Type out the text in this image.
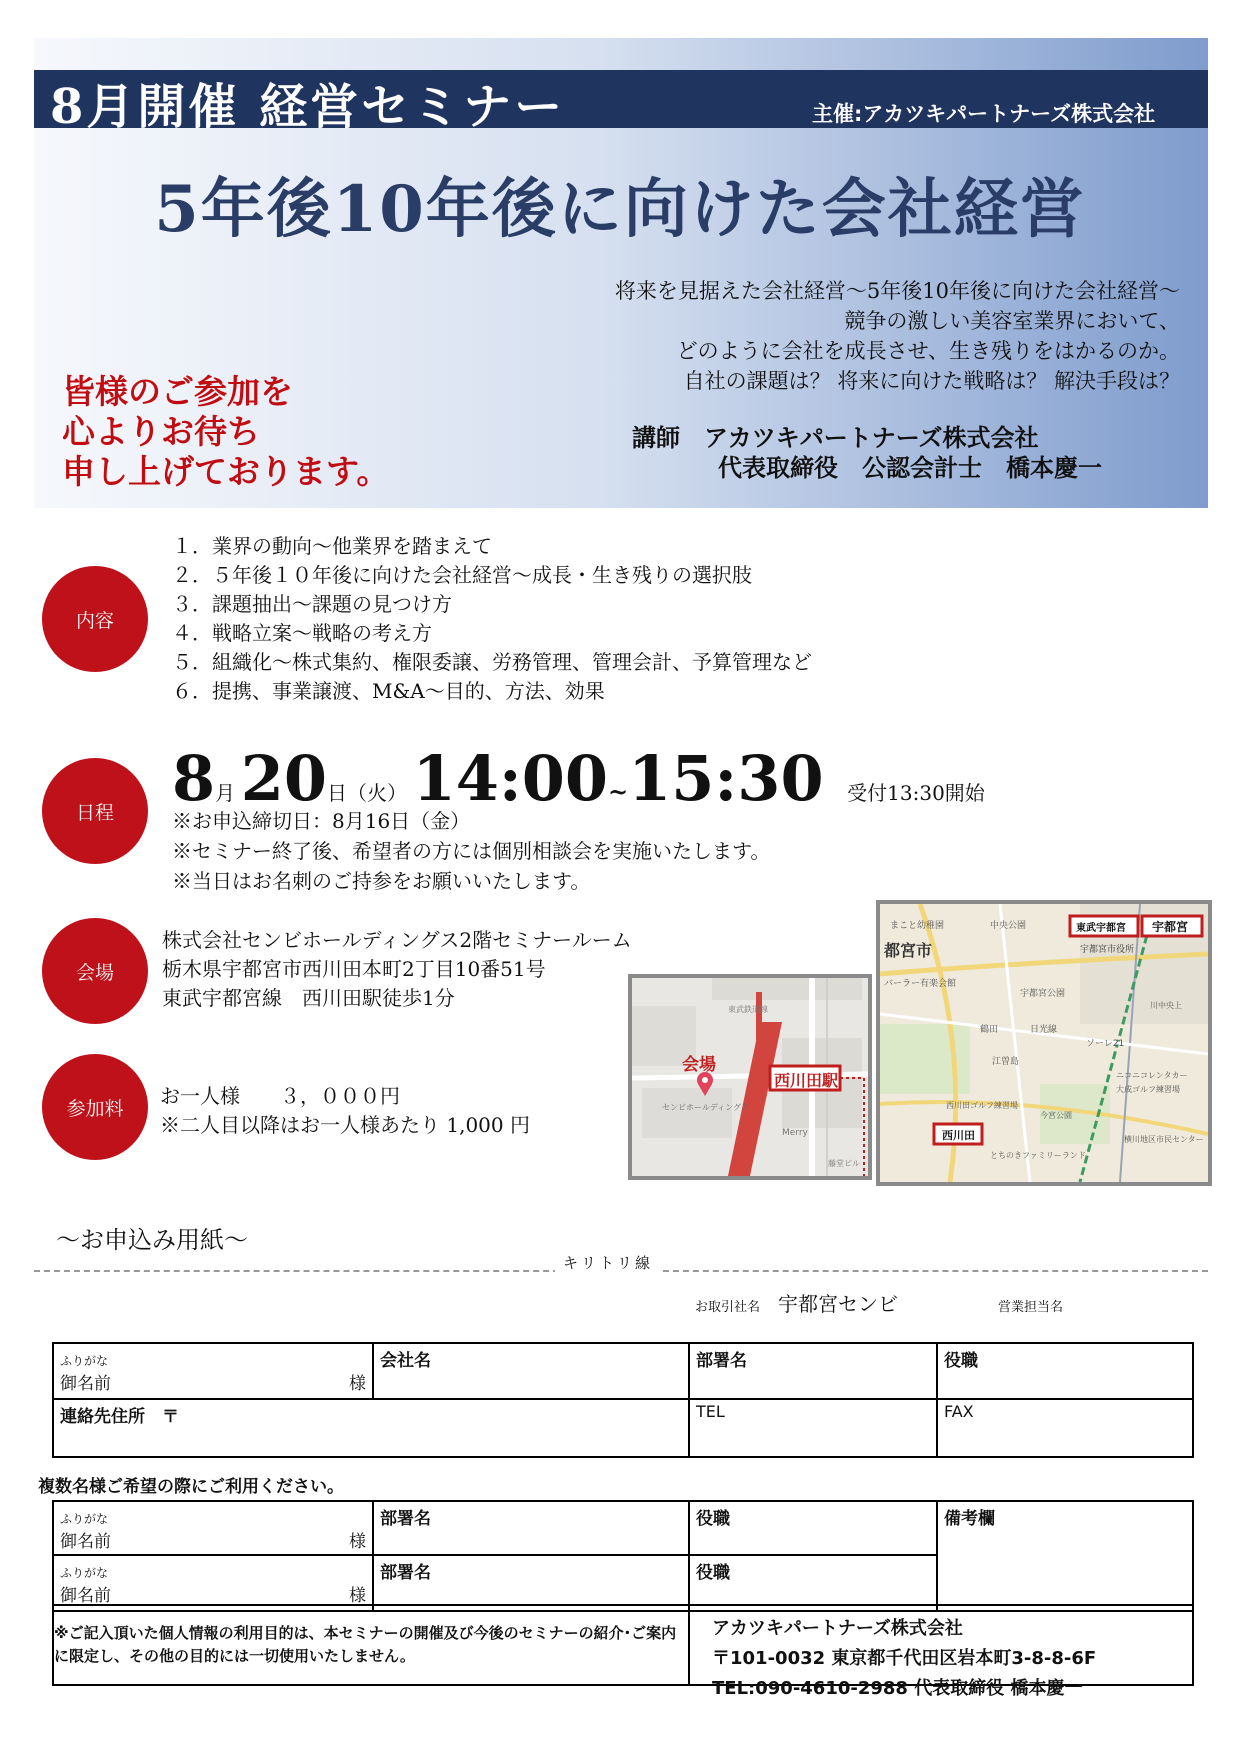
8月開催 経営セミナー	主催:アカツキパートナーズ株式会社
5年後10年後に向けた会社経営
将来を見据えた会社経営～5年後10年後に向けた会社経営～
競争の激しい美容室業界において、
どのように会社を成長させ、生き残りをはかるのか。
自社の課題は？ 将来に向けた戦略は？ 解決手段は？
皆様のご参加を
心よりお待ち
申し上げております。
講師　アカツキパートナーズ株式会社
代表取締役　公認会計士　橋本慶一
内容
日程
会場
参加料
１．業界の動向～他業界を踏まえて
２．５年後１０年後に向けた会社経営～成長・生き残りの選択肢
３．課題抽出～課題の見つけ方
４．戦略立案～戦略の考え方
５．組織化～株式集約、権限委譲、労務管理、管理会計、予算管理など
６．提携、事業譲渡、M&A～目的、方法、効果
8月 20日（火） 14:00~15:30 受付13:30開始
※お申込締切日：8月16日（金）
※セミナー終了後、希望者の方には個別相談会を実施いたします。
※当日はお名刺のご持参をお願いいたします。
株式会社センビホールディングス2階セミナールーム
栃木県宇都宮市西川田本町2丁目10番51号
東武宇都宮線　西川田駅徒歩1分
お一人様　　３，０００円
※二人目以降はお一人様あたり 1,000 円
会場
西川田駅
東武鉄道線
センビホールディングス
Merry
藤堂ビル
東武宇都宮 宇都宮
西川田
都宮市	宇都宮市役所
まこと幼稚園	中央公園
バーラー有楽会館
宇都宮公園
江曽島
鶴田	日光線
ソーレ21
西川田ゴルフ練習場
ニコニコレンタカー
大成ゴルフ練習場
とちのきファミリーランド
今宮公園
横川地区市民センター
川中央上
～お申込み用紙～
キリトリ線
お取引社名 宇都宮センビ	営業担当名
ふりがな
御名前 様	会社名	部署名	役職
連絡先住所　〒		TEL	FAX
複数名様ご希望の際にご利用ください。
ふりがな
御名前 様	部署名	役職	備考欄

ふりがな
御名前 様	部署名	役職	

※ご記入頂いた個人情報の利用目的は、本セミナーの開催及び今後のセミナーの紹介･ご案内に限定し、その他の目的には一切使用いたしません。
アカツキパートナーズ株式会社
〒101-0032 東京都千代田区岩本町3-8-8-6F
TEL:090-4610-2988 代表取締役 橋本慶一
